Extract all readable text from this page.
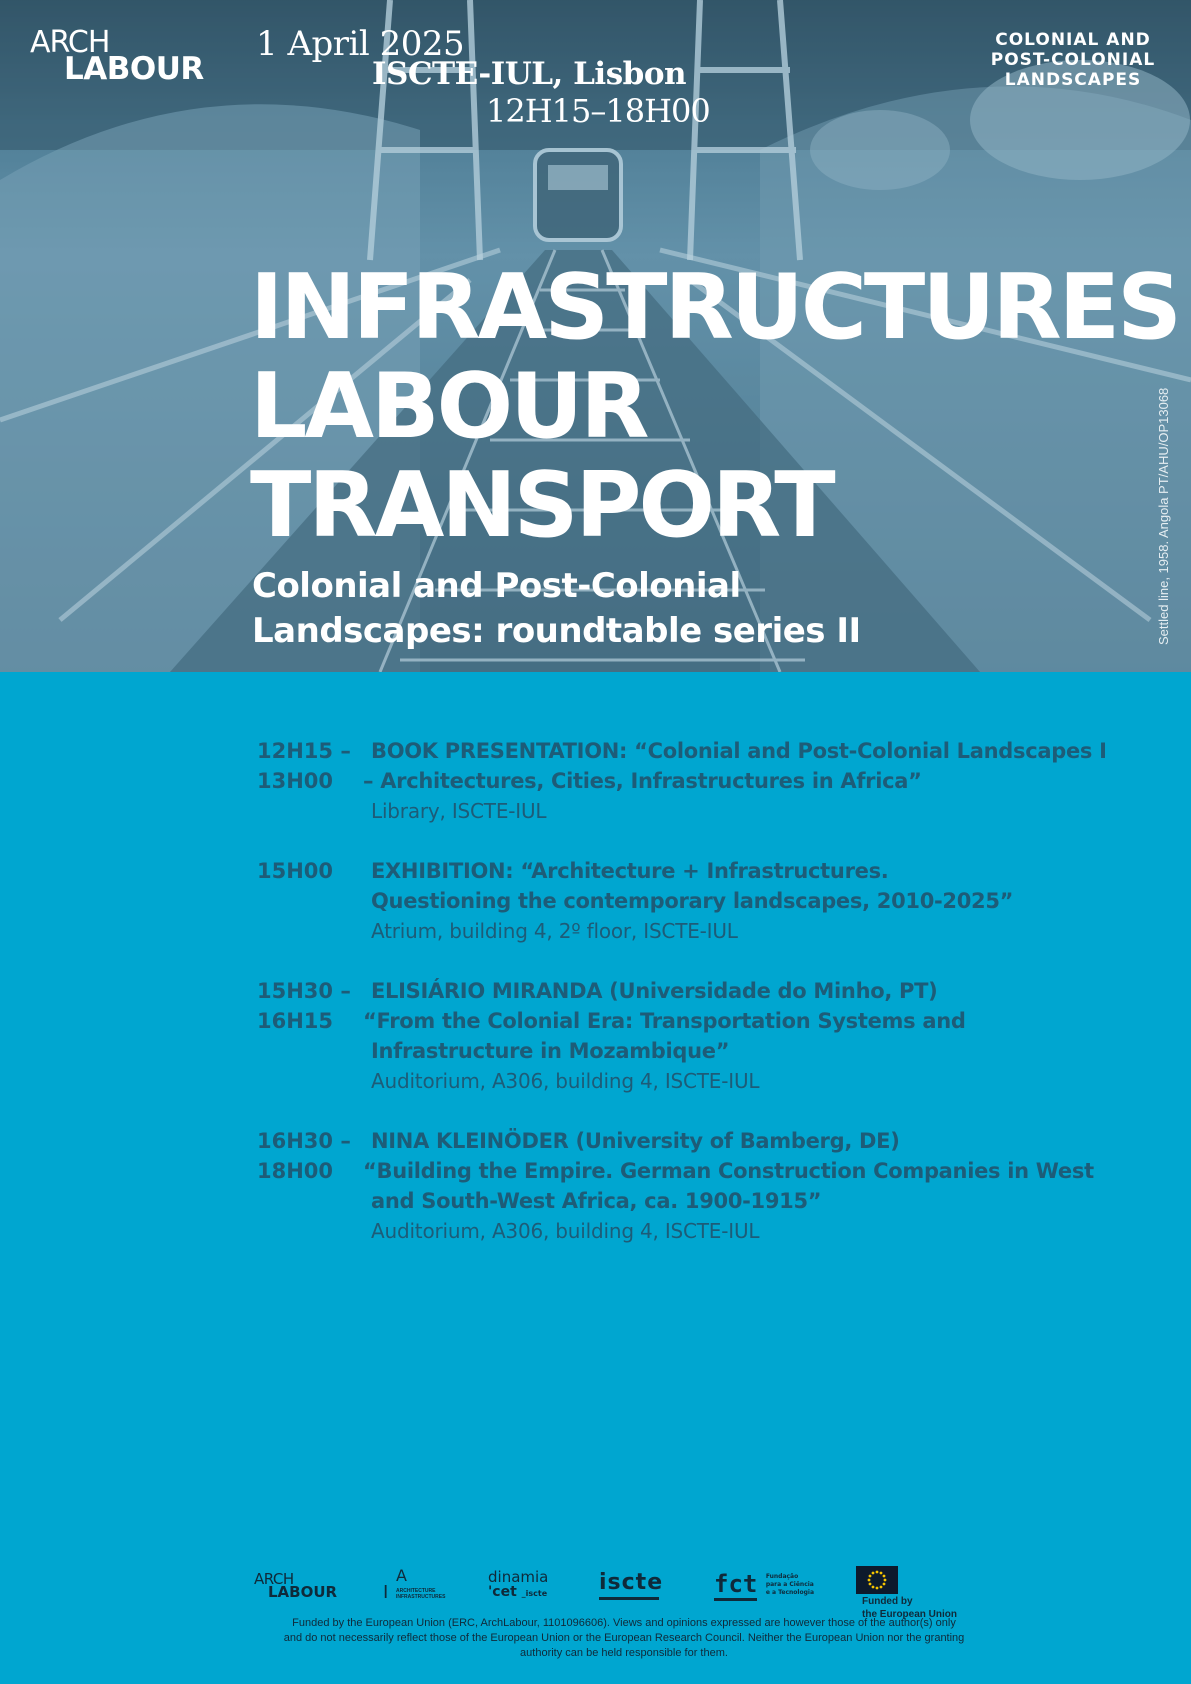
ARCH
LABOUR
1 April 2025
ISCTE-IUL, Lisbon
12H15–18H00
COLONIAL AND
POST-COLONIAL
LANDSCAPES
INFRASTRUCTURES
LABOUR
TRANSPORT
Colonial and Post-Colonial
Landscapes: roundtable series II	Settled line, 1958. Angola PT/AHU/OP13068
12H15 –
13H00
BOOK PRESENTATION: “Colonial and Post-Colonial Landscapes I
– Architectures, Cities, Infrastructures in Africa”
Library, ISCTE-IUL
15H00 EXHIBITION: “Architecture + Infrastructures.
Questioning the contemporary landscapes, 2010-2025”
Atrium, building 4, 2º floor, ISCTE-IUL
15H30 –
16H15
ELISIÁRIO MIRANDA (Universidade do Minho, PT)
“From the Colonial Era: Transportation Systems and
Infrastructure in Mozambique”
Auditorium, A306, building 4, ISCTE-IUL
16H30 –
18H00
NINA KLEINÖDER (University of Bamberg, DE)
“Building the Empire. German Construction Companies in West
and South-West Africa, ca. 1900-1915”
Auditorium, A306, building 4, ISCTE-IUL
ARCH
LABOUR
A
I ARCHITECTURE
INFRASTRUCTURES
dinamia
'cet _iscte	iscte fct Fundação
para a Ciência
e a Tecnologia

Funded by
the European Union
Funded by the European Union (ERC, ArchLabour, 1101096606). Views and opinions expressed are however those of the author(s) only
and do not necessarily reflect those of the European Union or the European Research Council. Neither the European Union nor the granting
authority can be held responsible for them.
